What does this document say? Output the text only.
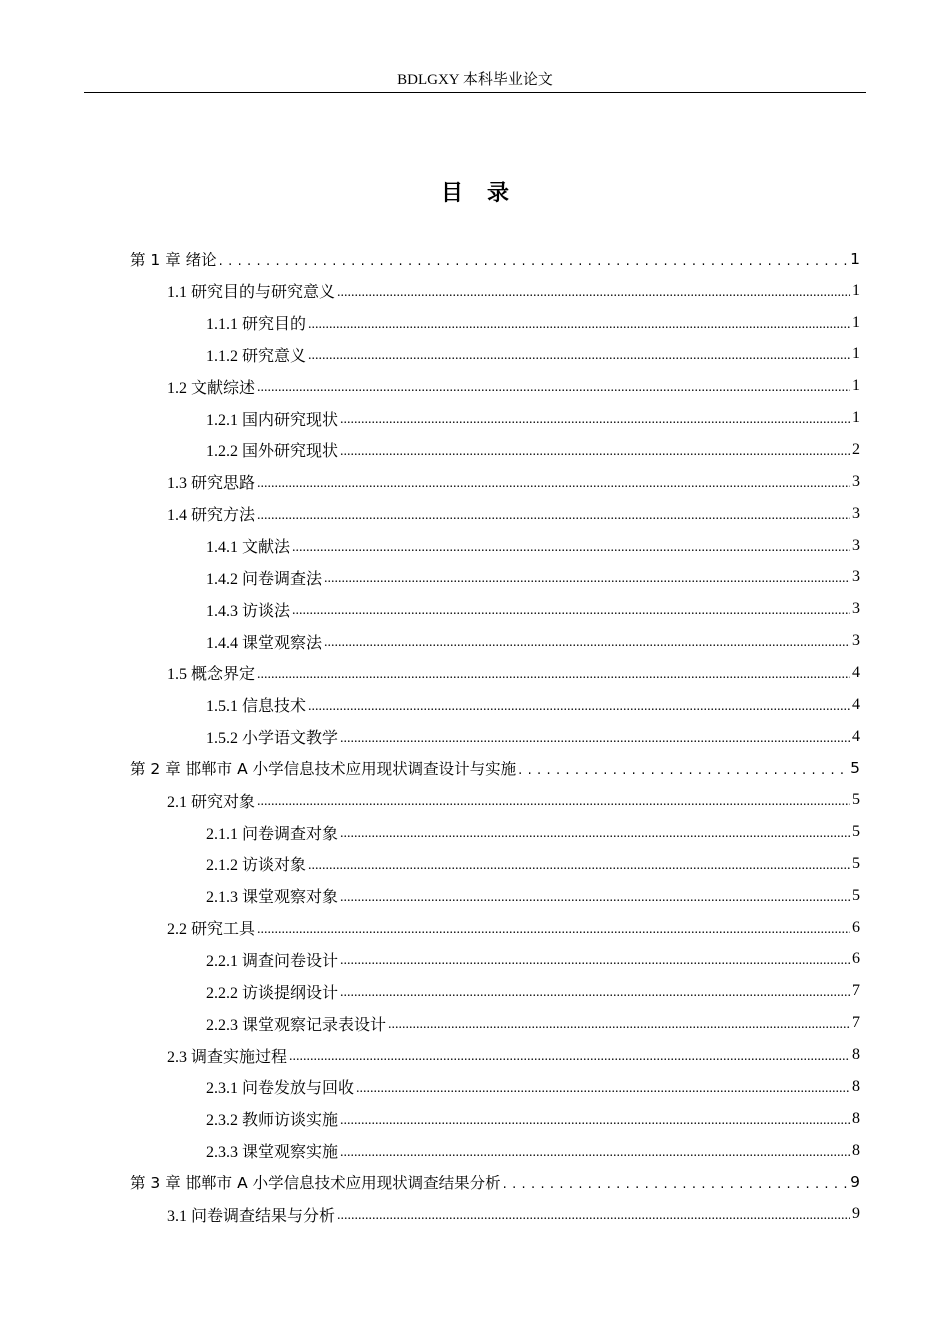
BDLGXY 本科毕业论文
目录
第 1 章 绪论 . . .	1
1.1 研究目的与研究意义 .....	1
1.1.1 研究目的 .....	1
1.1.2 研究意义 .....	1
1.2 文献综述 .....	1
1.2.1 国内研究现状 .....	1
1.2.2 国外研究现状 .....	2
1.3 研究思路 .....	3
1.4 研究方法 .....	3
1.4.1 文献法 .....	3
1.4.2 问卷调查法 .....	3
1.4.3 访谈法 .....	3
1.4.4 课堂观察法 .....	3
1.5 概念界定 .....	4
1.5.1 信息技术 .....	4
1.5.2 小学语文教学 .....	4
第 2 章 邯郸市 A 小学信息技术应用现状调查设计与实施 . . .	5
2.1 研究对象 .....	5
2.1.1 问卷调查对象 .....	5
2.1.2 访谈对象 .....	5
2.1.3 课堂观察对象 .....	5
2.2 研究工具 .....	6
2.2.1 调查问卷设计 .....	6
2.2.2 访谈提纲设计 .....	7
2.2.3 课堂观察记录表设计 .....	7
2.3 调查实施过程 .....	8
2.3.1 问卷发放与回收 .....	8
2.3.2 教师访谈实施 .....	8
2.3.3 课堂观察实施 .....	8
第 3 章 邯郸市 A 小学信息技术应用现状调查结果分析 . . .	9
3.1 问卷调查结果与分析 .....	9
